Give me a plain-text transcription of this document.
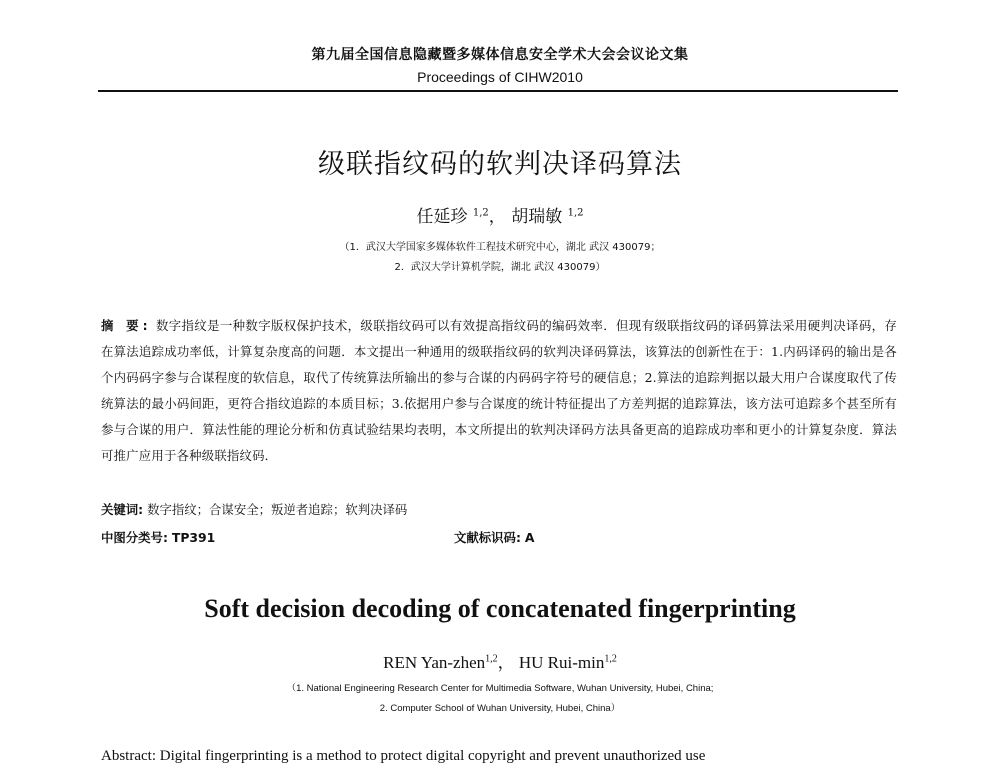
第九届全国信息隐藏暨多媒体信息安全学术大会会议论文集
Proceedings of CIHW2010
级联指纹码的软判决译码算法
任延珍 $^{1,2}$， 胡瑞敏 $^{1,2}$
（1．武汉大学国家多媒体软件工程技术研究中心，湖北 武汉 430079；
2．武汉大学计算机学院，湖北 武汉 430079）
摘 要: 数字指纹是一种数字版权保护技术，级联指纹码可以有效提高指纹码的编码效率．但现有级联指纹码的译码算法采用硬判决译码，存在算法追踪成功率低，计算复杂度高的问题．本文提出一种通用的级联指纹码的软判决译码算法，该算法的创新性在于：1.内码译码的输出是各个内码码字参与合谋程度的软信息，取代了传统算法所输出的参与合谋的内码码字符号的硬信息；2.算法的追踪判据以最大用户合谋度取代了传统算法的最小码间距，更符合指纹追踪的本质目标；3.依据用户参与合谋度的统计特征提出了方差判据的追踪算法，该方法可追踪多个甚至所有参与合谋的用户．算法性能的理论分析和仿真试验结果均表明，本文所提出的软判决译码方法具备更高的追踪成功率和更小的计算复杂度．算法可推广应用于各种级联指纹码．
关键词: 数字指纹；合谋安全；叛逆者追踪；软判决译码
中图分类号: TP391	文献标识码: A
Soft decision decoding of concatenated fingerprinting
REN Yan-zhen$^{1,2}$， HU Rui-$\min^{1,2}$
（1. National Engineering Research Center for Multimedia Software, Wuhan University, Hubei, China;
2. Computer School of Wuhan University, Hubei, China）
Abstract: Digital fingerprinting is a method to protect digital copyright and prevent unauthorized use
